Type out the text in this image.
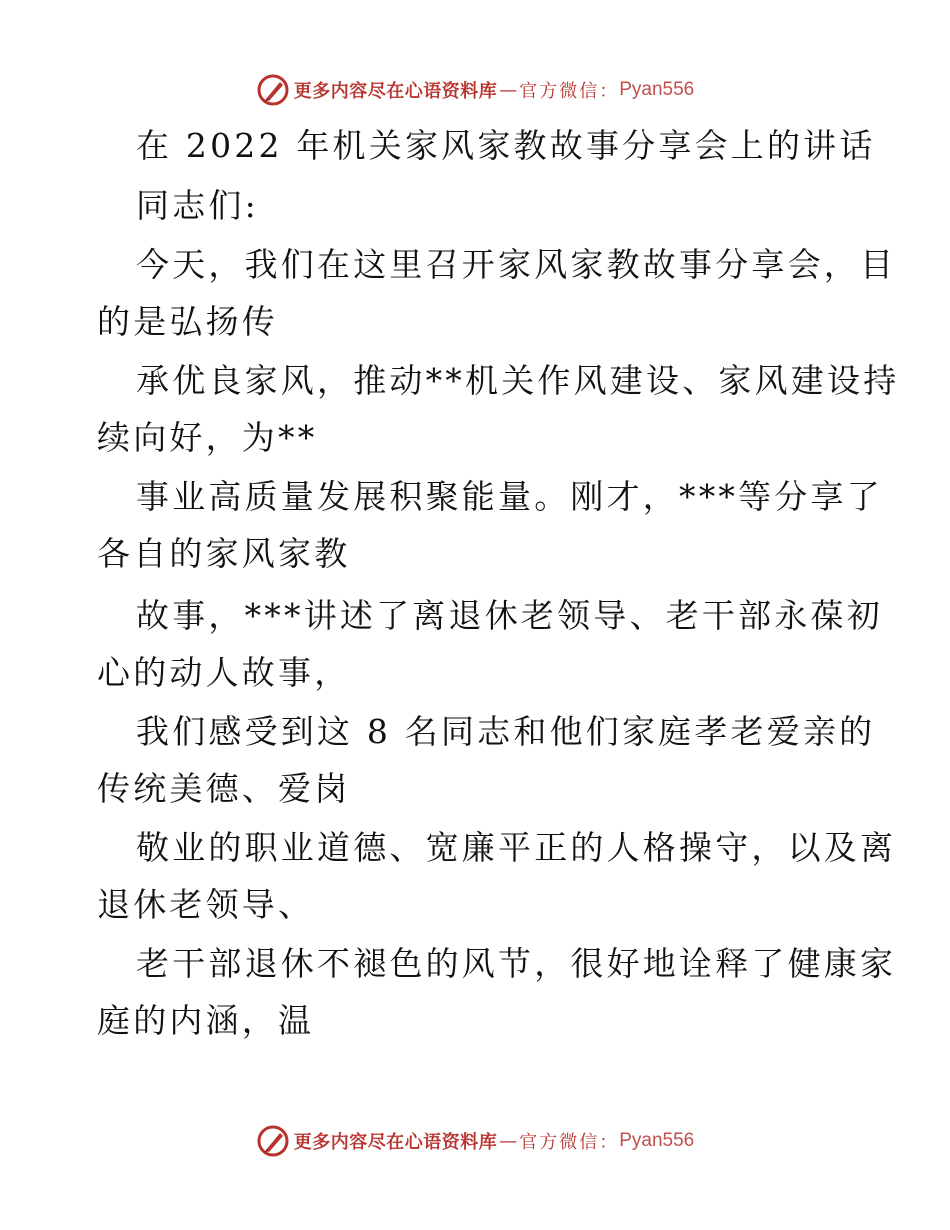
更多内容尽在心语资料库 — 官方微信： Pyan556
在 2022 年机关家风家教故事分享会上的讲话
同志们:
今天，我们在这里召开家风家教故事分享会，目
的是弘扬传
承优良家风，推动**机关作风建设、家风建设持
续向好，为**
事业高质量发展积聚能量。刚才，***等分享了
各自的家风家教
故事，***讲述了离退休老领导、老干部永葆初
心的动人故事，
我们感受到这 8 名同志和他们家庭孝老爱亲的
传统美德、爱岗
敬业的职业道德、宽廉平正的人格操守，以及离
退休老领导、
老干部退休不褪色的风节，很好地诠释了健康家
庭的内涵，温
更多内容尽在心语资料库 — 官方微信： Pyan556
